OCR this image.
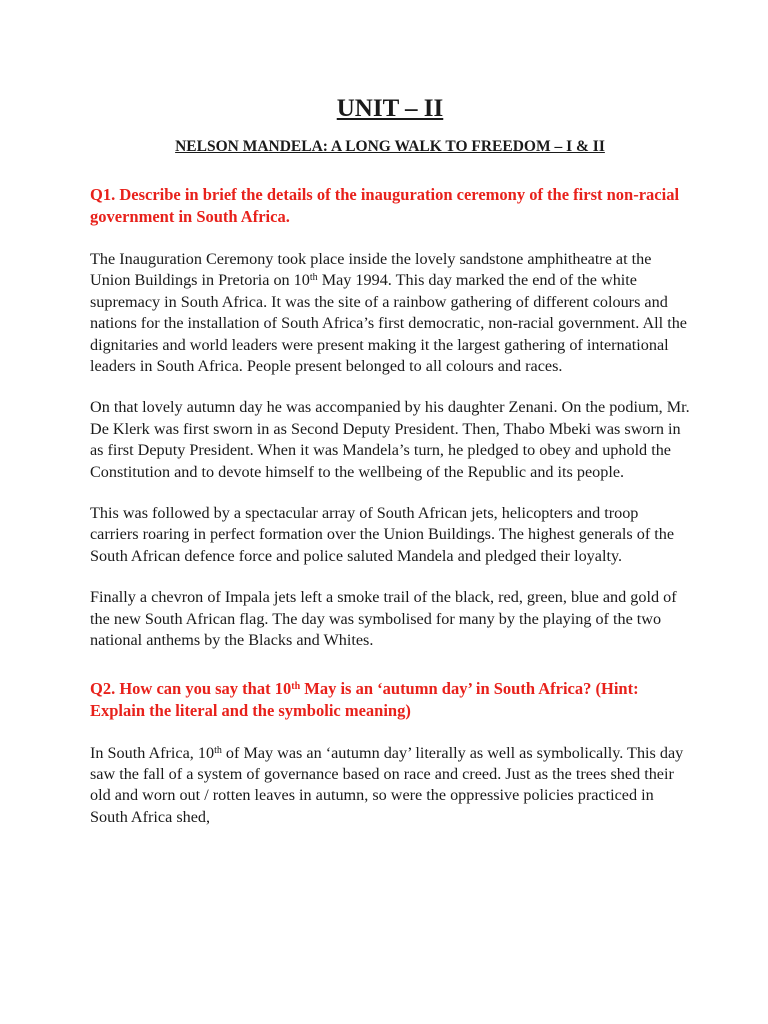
UNIT – II
NELSON MANDELA: A LONG WALK TO FREEDOM – I & II

Q1. Describe in brief the details of the inauguration ceremony of the first non-racial government in South Africa.

The Inauguration Ceremony took place inside the lovely sandstone amphitheatre at the Union Buildings in Pretoria on 10th May 1994. This day marked the end of the white supremacy in South Africa. It was the site of a rainbow gathering of different colours and nations for the installation of South Africa’s first democratic, non-racial government. All the dignitaries and world leaders were present making it the largest gathering of international leaders in South Africa. People present belonged to all colours and races.

On that lovely autumn day he was accompanied by his daughter Zenani. On the podium, Mr. De Klerk was first sworn in as Second Deputy President. Then, Thabo Mbeki was sworn in as first Deputy President. When it was Mandela’s turn, he pledged to obey and uphold the Constitution and to devote himself to the wellbeing of the Republic and its people.

This was followed by a spectacular array of South African jets, helicopters and troop carriers roaring in perfect formation over the Union Buildings. The highest generals of the South African defence force and police saluted Mandela and pledged their loyalty.

Finally a chevron of Impala jets left a smoke trail of the black, red, green, blue and gold of the new South African flag. The day was symbolised for many by the playing of the two national anthems by the Blacks and Whites.

Q2. How can you say that 10th May is an ‘autumn day’ in South Africa? (Hint: Explain the literal and the symbolic meaning)

In South Africa, 10th of May was an ‘autumn day’ literally as well as symbolically. This day saw the fall of a system of governance based on race and creed. Just as the trees shed their old and worn out / rotten leaves in autumn, so were the oppressive policies practiced in South Africa shed,
